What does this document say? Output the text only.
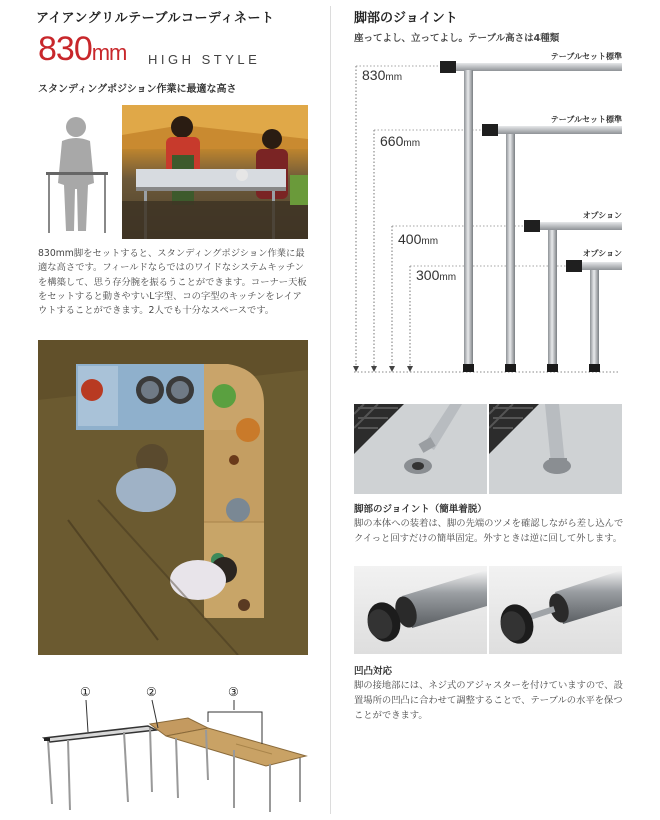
アイアングリルテーブルコーディネート
830mm HIGH STYLE
スタンディングポジション作業に最適な高さ
830mm脚をセットすると、スタンディングポジション作業に最適な高さです。フィールドならではのワイドなシステムキッチンを構築して、思う存分腕を振るうことができます。コーナー天板をセットすると動きやすいL字型、コの字型のキッチンをレイアウトすることができます。2人でも十分なスペースです。
①	②	③
脚部のジョイント
座ってよし、立ってよし。テーブル高さは4種類
830mm
660mm
400mm
300mm
テーブルセット標準
テーブルセット標準
オプション
オプション
脚部のジョイント（簡単着脱）
脚の本体への装着は、脚の先端のツメを確認しながら差し込んでクイっと回すだけの簡単固定。外すときは逆に回して外します。
凹凸対応
脚の接地部には、ネジ式のアジャスターを付けていますので、設置場所の凹凸に合わせて調整することで、テーブルの水平を保つことができます。
